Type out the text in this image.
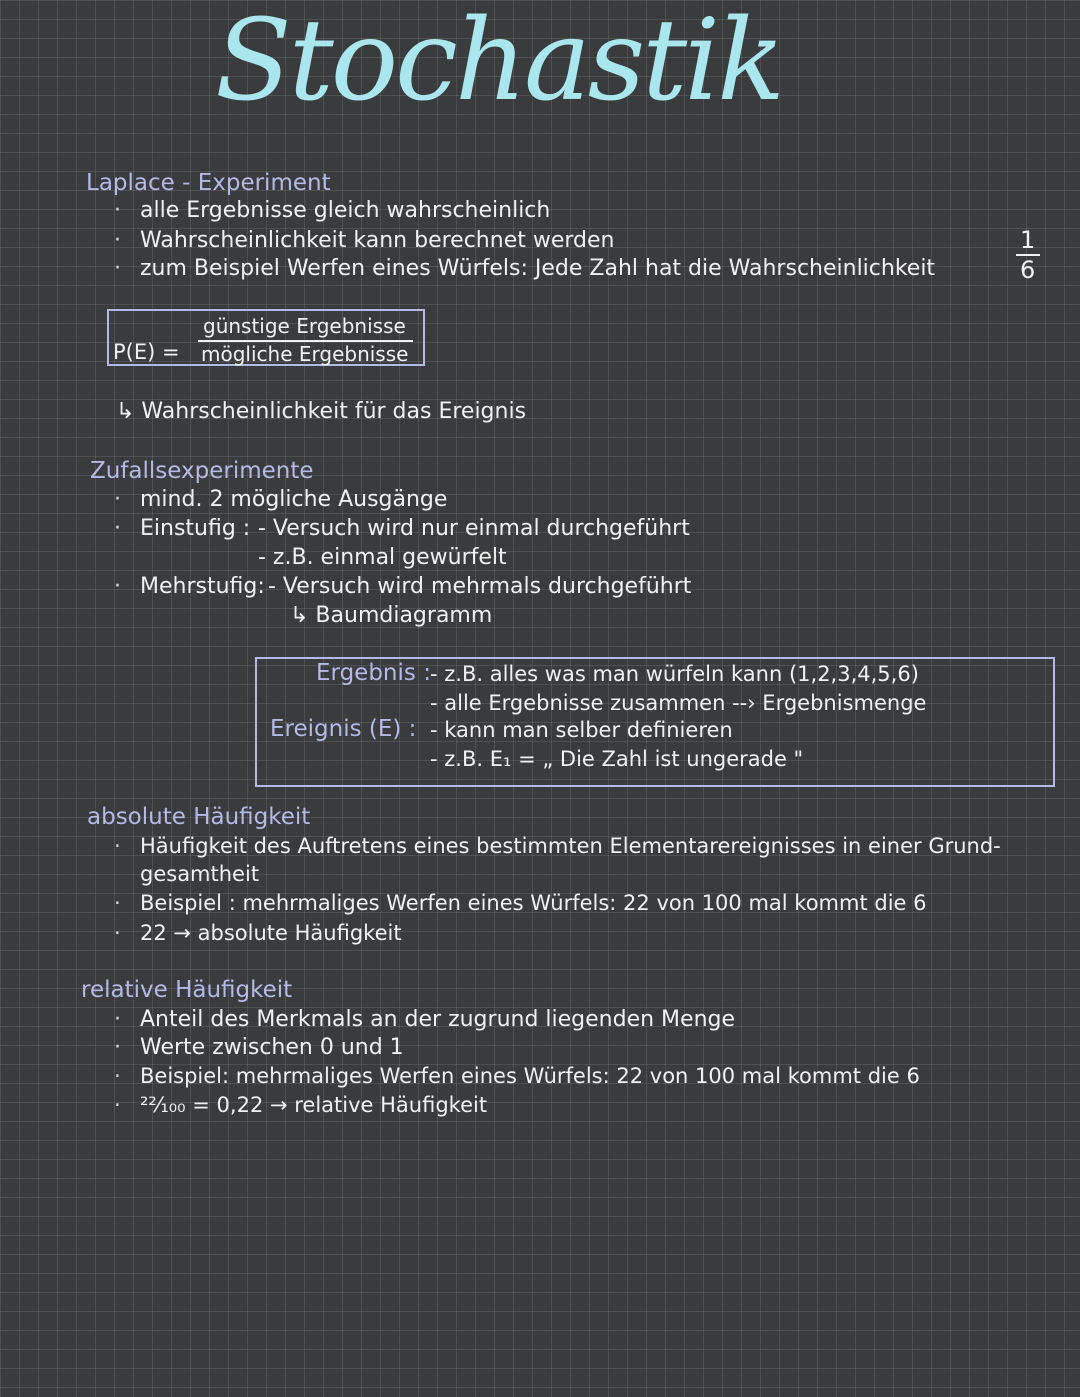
Stochastik
Laplace - Experiment
· alle Ergebnisse gleich wahrscheinlich
· Wahrscheinlichkeit kann berechnet werden
· zum Beispiel Werfen eines Würfels: Jede Zahl hat die Wahrscheinlichkeit
1
6
P(E) =
günstige Ergebnisse
mögliche Ergebnisse
↳ Wahrscheinlichkeit für das Ereignis
Zufallsexperimente
· mind. 2 mögliche Ausgänge
· Einstufig : - Versuch wird nur einmal durchgeführt
- z.B. einmal gewürfelt
· Mehrstufig: - Versuch wird mehrmals durchgeführt
↳ Baumdiagramm
Ergebnis : - z.B. alles was man würfeln kann (1,2,3,4,5,6)
- alle Ergebnisse zusammen --› Ergebnismenge
Ereignis (E) : - kann man selber definieren
- z.B. E₁ = „ Die Zahl ist ungerade "
absolute Häufigkeit
· Häufigkeit des Auftretens eines bestimmten Elementarereignisses in einer Grund-
gesamtheit
· Beispiel : mehrmaliges Werfen eines Würfels: 22 von 100 mal kommt die 6
· 22 → absolute Häufigkeit
relative Häufigkeit
· Anteil des Merkmals an der zugrund liegenden Menge
· Werte zwischen 0 und 1
· Beispiel: mehrmaliges Werfen eines Würfels: 22 von 100 mal kommt die 6
· ²²⁄₁₀₀ = 0,22 → relative Häufigkeit
